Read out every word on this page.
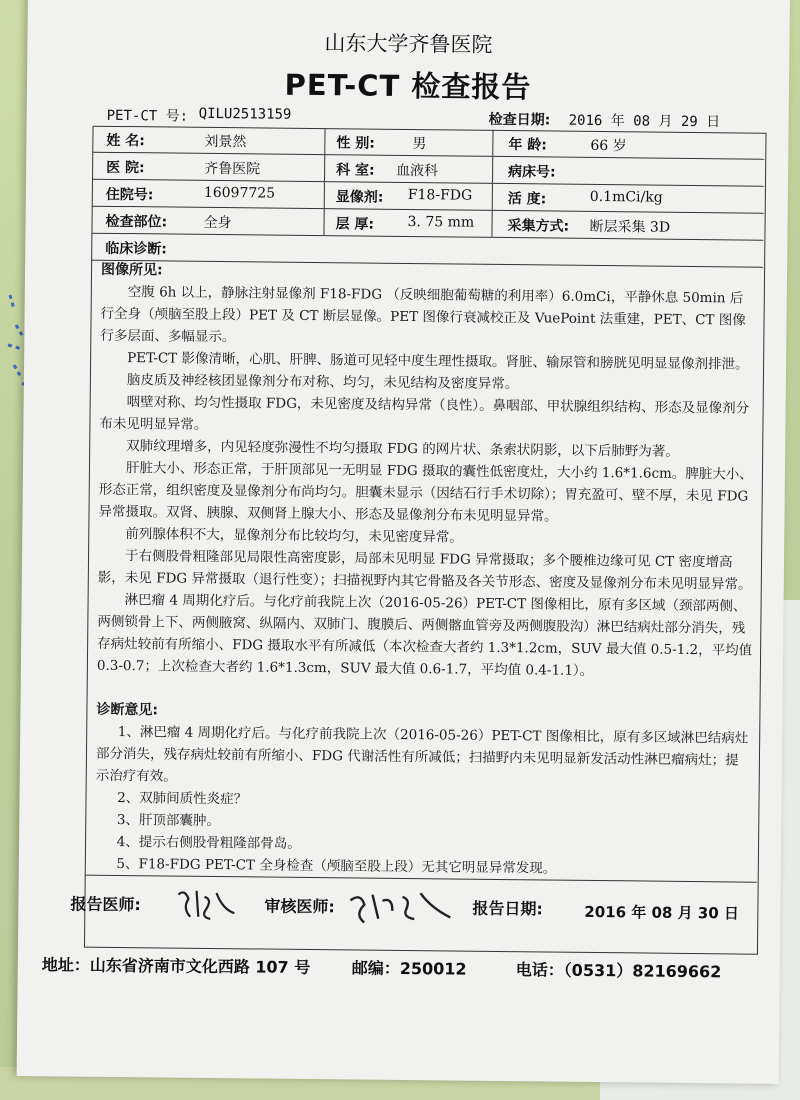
山东大学齐鲁医院
PET-CT 检查报告
PET-CT 号: QILU2513159	检查日期: 2016 年 08 月 29 日
姓 名:	刘景然	性 别:	男	年 龄:	66 岁
医 院:	齐鲁医院	科 室: 血液科	病床号:
住院号:	16097725	显像剂: F18-FDG	活 度:	0.1mCi/kg
检查部位:	全身	层 厚: 3. 75 mm 采集方式: 断层采集 3D
临床诊断:
图像所见:

空腹 6h 以上，静脉注射显像剂 F18-FDG （反映细胞葡萄糖的利用率）6.0mCi，平静休息 50min 后行全身（颅脑至股上段）PET 及 CT 断层显像。PET 图像行衰减校正及 VuePoint 法重建，PET、CT 图像行多层面、多幅显示。

PET-CT 影像清晰，心肌、肝脾、肠道可见轻中度生理性摄取。肾脏、输尿管和膀胱见明显显像剂排泄。

脑皮质及神经核团显像剂分布对称、均匀，未见结构及密度异常。

咽壁对称、均匀性摄取 FDG，未见密度及结构异常（良性）。鼻咽部、甲状腺组织结构、形态及显像剂分布未见明显异常。

双肺纹理增多，内见轻度弥漫性不均匀摄取 FDG 的网片状、条索状阴影，以下后肺野为著。

肝脏大小、形态正常，于肝顶部见一无明显 FDG 摄取的囊性低密度灶，大小约 1.6*1.6cm。脾脏大小、形态正常，组织密度及显像剂分布尚均匀。胆囊未显示（因结石行手术切除）；胃充盈可、壁不厚，未见 FDG 异常摄取。双肾、胰腺、双侧肾上腺大小、形态及显像剂分布未见明显异常。

前列腺体积不大，显像剂分布比较均匀，未见密度异常。

于右侧股骨粗隆部见局限性高密度影，局部未见明显 FDG 异常摄取；多个腰椎边缘可见 CT 密度增高影，未见 FDG 异常摄取（退行性变）；扫描视野内其它骨骼及各关节形态、密度及显像剂分布未见明显异常。

淋巴瘤 4 周期化疗后。与化疗前我院上次（2016-05-26）PET-CT 图像相比，原有多区域（颈部两侧、两侧锁骨上下、两侧腋窝、纵隔内、双肺门、腹膜后、两侧髂血管旁及两侧腹股沟）淋巴结病灶部分消失，残存病灶较前有所缩小、FDG 摄取水平有所减低（本次检查大者约 1.3*1.2cm，SUV 最大值 0.5-1.2，平均值 0.3-0.7；上次检查大者约 1.6*1.3cm，SUV 最大值 0.6-1.7，平均值 0.4-1.1）。

诊断意见:

1、淋巴瘤 4 周期化疗后。与化疗前我院上次（2016-05-26）PET-CT 图像相比，原有多区域淋巴结病灶部分消失，残存病灶较前有所缩小、FDG 代谢活性有所减低；扫描野内未见明显新发活动性淋巴瘤病灶；提示治疗有效。

2、双肺间质性炎症？

3、肝顶部囊肿。

4、提示右侧股骨粗隆部骨岛。

5、F18-FDG PET-CT 全身检查（颅脑至股上段）无其它明显异常发现。

报告医师:	审核医师:	报告日期:	2016 年 08 月 30 日
地址：山东省济南市文化西路 107 号	邮编：250012	电话：（0531）82169662
